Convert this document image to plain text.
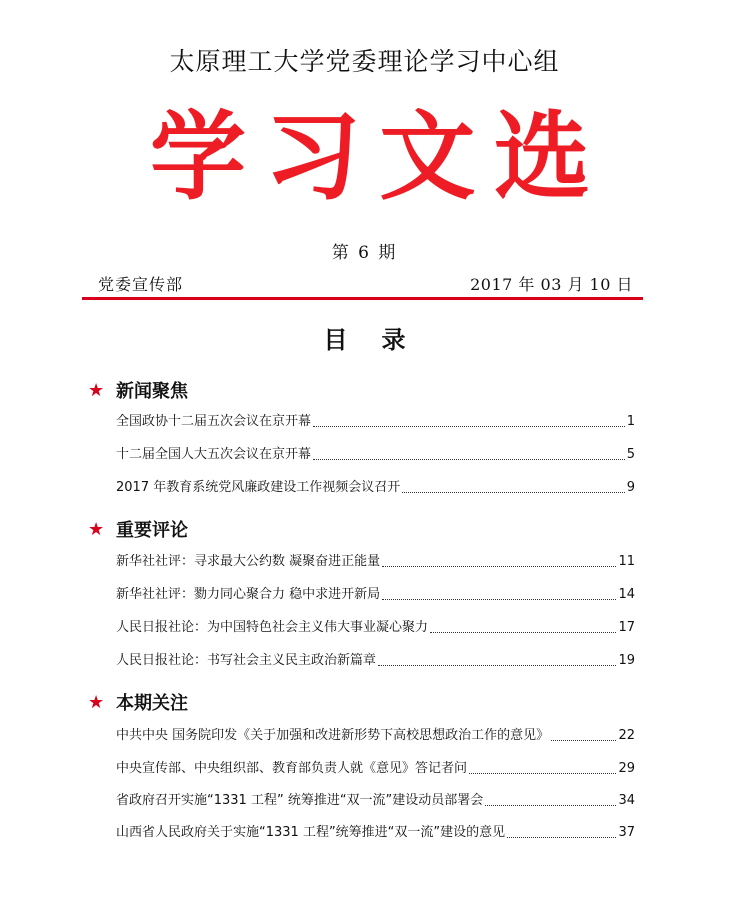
太原理工大学党委理论学习中心组
学 习 文 选
第 6 期
党委宣传部	2017 年 03 月 10 日
目 录
★ 新闻聚焦
全国政协十二届五次会议在京开幕	1
十二届全国人大五次会议在京开幕	5
2017 年教育系统党风廉政建设工作视频会议召开	9
★ 重要评论
新华社社评：寻求最大公约数 凝聚奋进正能量	11
新华社社评：勠力同心聚合力 稳中求进开新局	14
人民日报社论：为中国特色社会主义伟大事业凝心聚力	17
人民日报社论：书写社会主义民主政治新篇章	19
★ 本期关注
中共中央 国务院印发《关于加强和改进新形势下高校思想政治工作的意见》	22
中央宣传部、中央组织部、教育部负责人就《意见》答记者问	29
省政府召开实施“1331 工程” 统筹推进“双一流”建设动员部署会	34
山西省人民政府关于实施“1331 工程”统筹推进“双一流”建设的意见	37
